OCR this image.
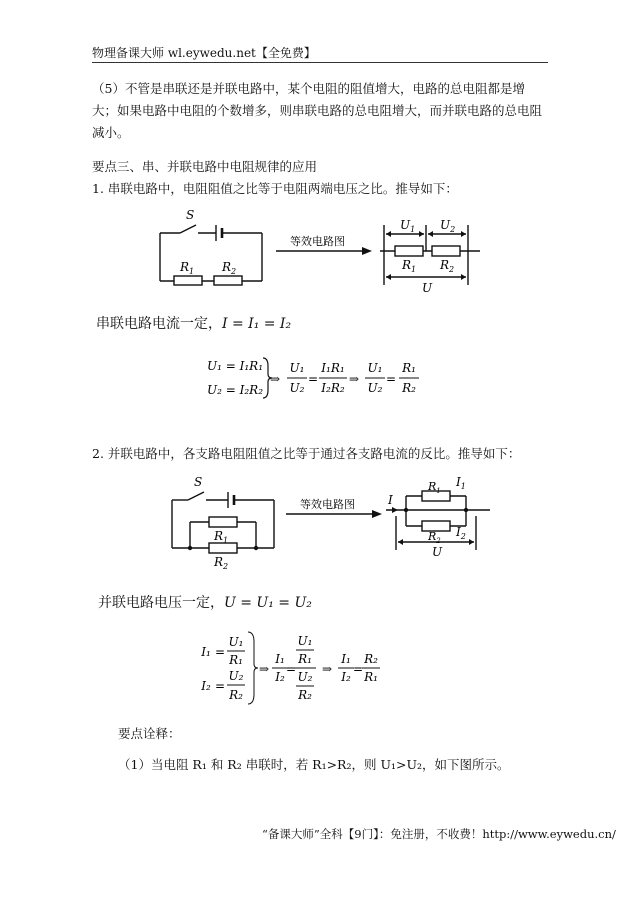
物理备课大师 wl.eywedu.net【全免费】
（5）不管是串联还是并联电路中，某个电阻的阻值增大，电路的总电阻都是增大；如果电路中电阻的个数增多，则串联电路的总电阻增大，而并联电路的总电阻减小。
要点三、串、并联电路中电阻规律的应用
1. 串联电路中，电阻阻值之比等于电阻两端电压之比。推导如下：
S
$R_1$ $R_2$
等效电路图
$U_1$ $U_2$
$R_1$ $R_2$
U
串联电路电流一定，I = I₁ = I₂
U₁ = I₁R₁
U₂ = I₂R₂
⇒
U₁
U₂
=
I₁R₁
I₂R₂
⇒
U₁
U₂
=
R₁
R₂
2. 并联电路中，各支路电阻阻值之比等于通过各支路电流的反比。推导如下：
S
$R_1$
$R_2$
等效电路图	I
$I_1$
$R_1$
$R_2$
$I_2$
U
并联电路电压一定，U = U₁ = U₂
I₁ =
U₁
R₁
I₂ =
U₂
R₂
⇒
I₁
I₂
=
U₁
R₁
U₂
R₂
⇒
I₁
I₂
=
R₂
R₁
要点诠释：
（1）当电阻 R₁ 和 R₂ 串联时，若 R₁>R₂，则 U₁>U₂，如下图所示。
“备课大师”全科【9门】：免注册，不收费！http://www.eywedu.cn/
